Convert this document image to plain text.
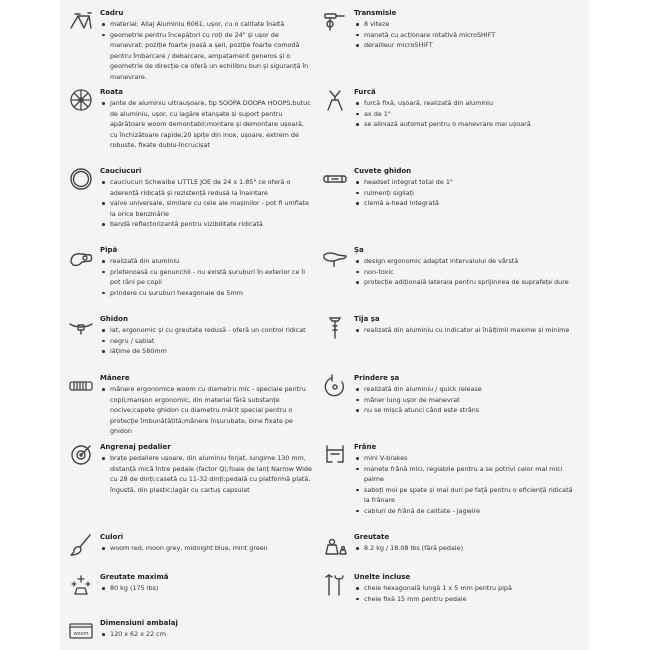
Cadru
material: Aliaj Aluminiu 6061, ușor, cu o calitate înaltă
geometrie pentru începători cu roți de 24" și ușor de manevrat: poziție foarte joasă a șeii, poziție foarte comodă pentru îmbarcare / debarcare, ampatament generos și o geometrie de direcție ce oferă un echilibru bun și siguranță în manevrare.
Transmisie
8 viteze
manetă cu acționare rotativă microSHIFT
derailleur microSHIFT
Roata
jante de aluminiu ultraușoare, tip SOOPA DOOPA HOOPS;butuc de aluminiu, ușor, cu lagăre etanșate și suport pentru apărătoare woom demontabil;montare și demontare ușoară, cu închizătoare rapide;20 spițe din inox, ușoare, extrem de robuste, fixate dublu-încrucișat
Furcă
furcă fixă, ușoară, realizată din aluminiu
ax de 1"
se aliniază automat pentru o manevrare mai ușoară
Cauciucuri
cauciucuri Schwalbe LITTLE JOE de 24 x 1.85" ce oferă o aderență ridicată și rezistență redusă la înaintare
valve universale, similare cu cele ale mașinilor - pot fi umflate la orice benzinărie
bandă reflectorizantă pentru vizibilitate ridicată
Cuvete ghidon
headset integrat total de 1"
rulmenți sigilați
clemă a-head integrată
Pipă
realizată din aluminiu
prietenoasă cu genunchii - nu există șuruburi în exterior ce îi pot răni pe copii
prindere cu șuruburi hexagonale de 5mm
Șa
design ergonomic adaptat intervalului de vârstă
non-toxic
protecție adițională laterala pentru sprijinirea de suprafețe dure
Ghidon
lat, ergonomic și cu greutate redusă - oferă un control ridicat
negru / sablat
lățime de 580mm
Tija șa
realizată din aluminiu cu indicator al înălțimii maxime și minime
Mânere
mânere ergonomice woom cu diametru mic - speciale pentru copii;manșon ergonomic, din material fără substanțe nocive;capete ghidon cu diametru mărit special pentru o protecție îmbunătățită;mânere înșurubate, bine fixate pe ghidon
Prindere șa
realizată din aluminiu / quick release
mâner lung ușor de manevrat
nu se mișcă atunci când este strâns
Angrenaj pedalier
brațe pedaliere ușoare, din aluminiu forjat, lungime 130 mm, distanță mică între pedale (factor Q);foaie de lanț Narrow Wide cu 28 de dinți;casetă cu 11-32 dinți;pedală cu platformă plată, îngustă, din plastic;lagăr cu cartuș capsulat
Frâne
mini V-brakes
manete frână mici, reglabile pentru a se potrivi celor mai mici palme
saboți moi pe spate și mai duri pe față pentru o eficiență ridicată la frânare
cabluri de frână de calitate - Jagwire
Culori
woom red, moon grey, midnight blue, mint green
Greutate
8.2 kg / 18.08 lbs (fără pedale)
Greutate maximă
80 kg (175 lbs)
Unelte incluse
cheie hexagonală lungă 1 x 5 mm pentru pipă
cheie fixă 15 mm pentru pedale
woom
Dimensiuni ambalaj
120 x 62 x 22 cm
